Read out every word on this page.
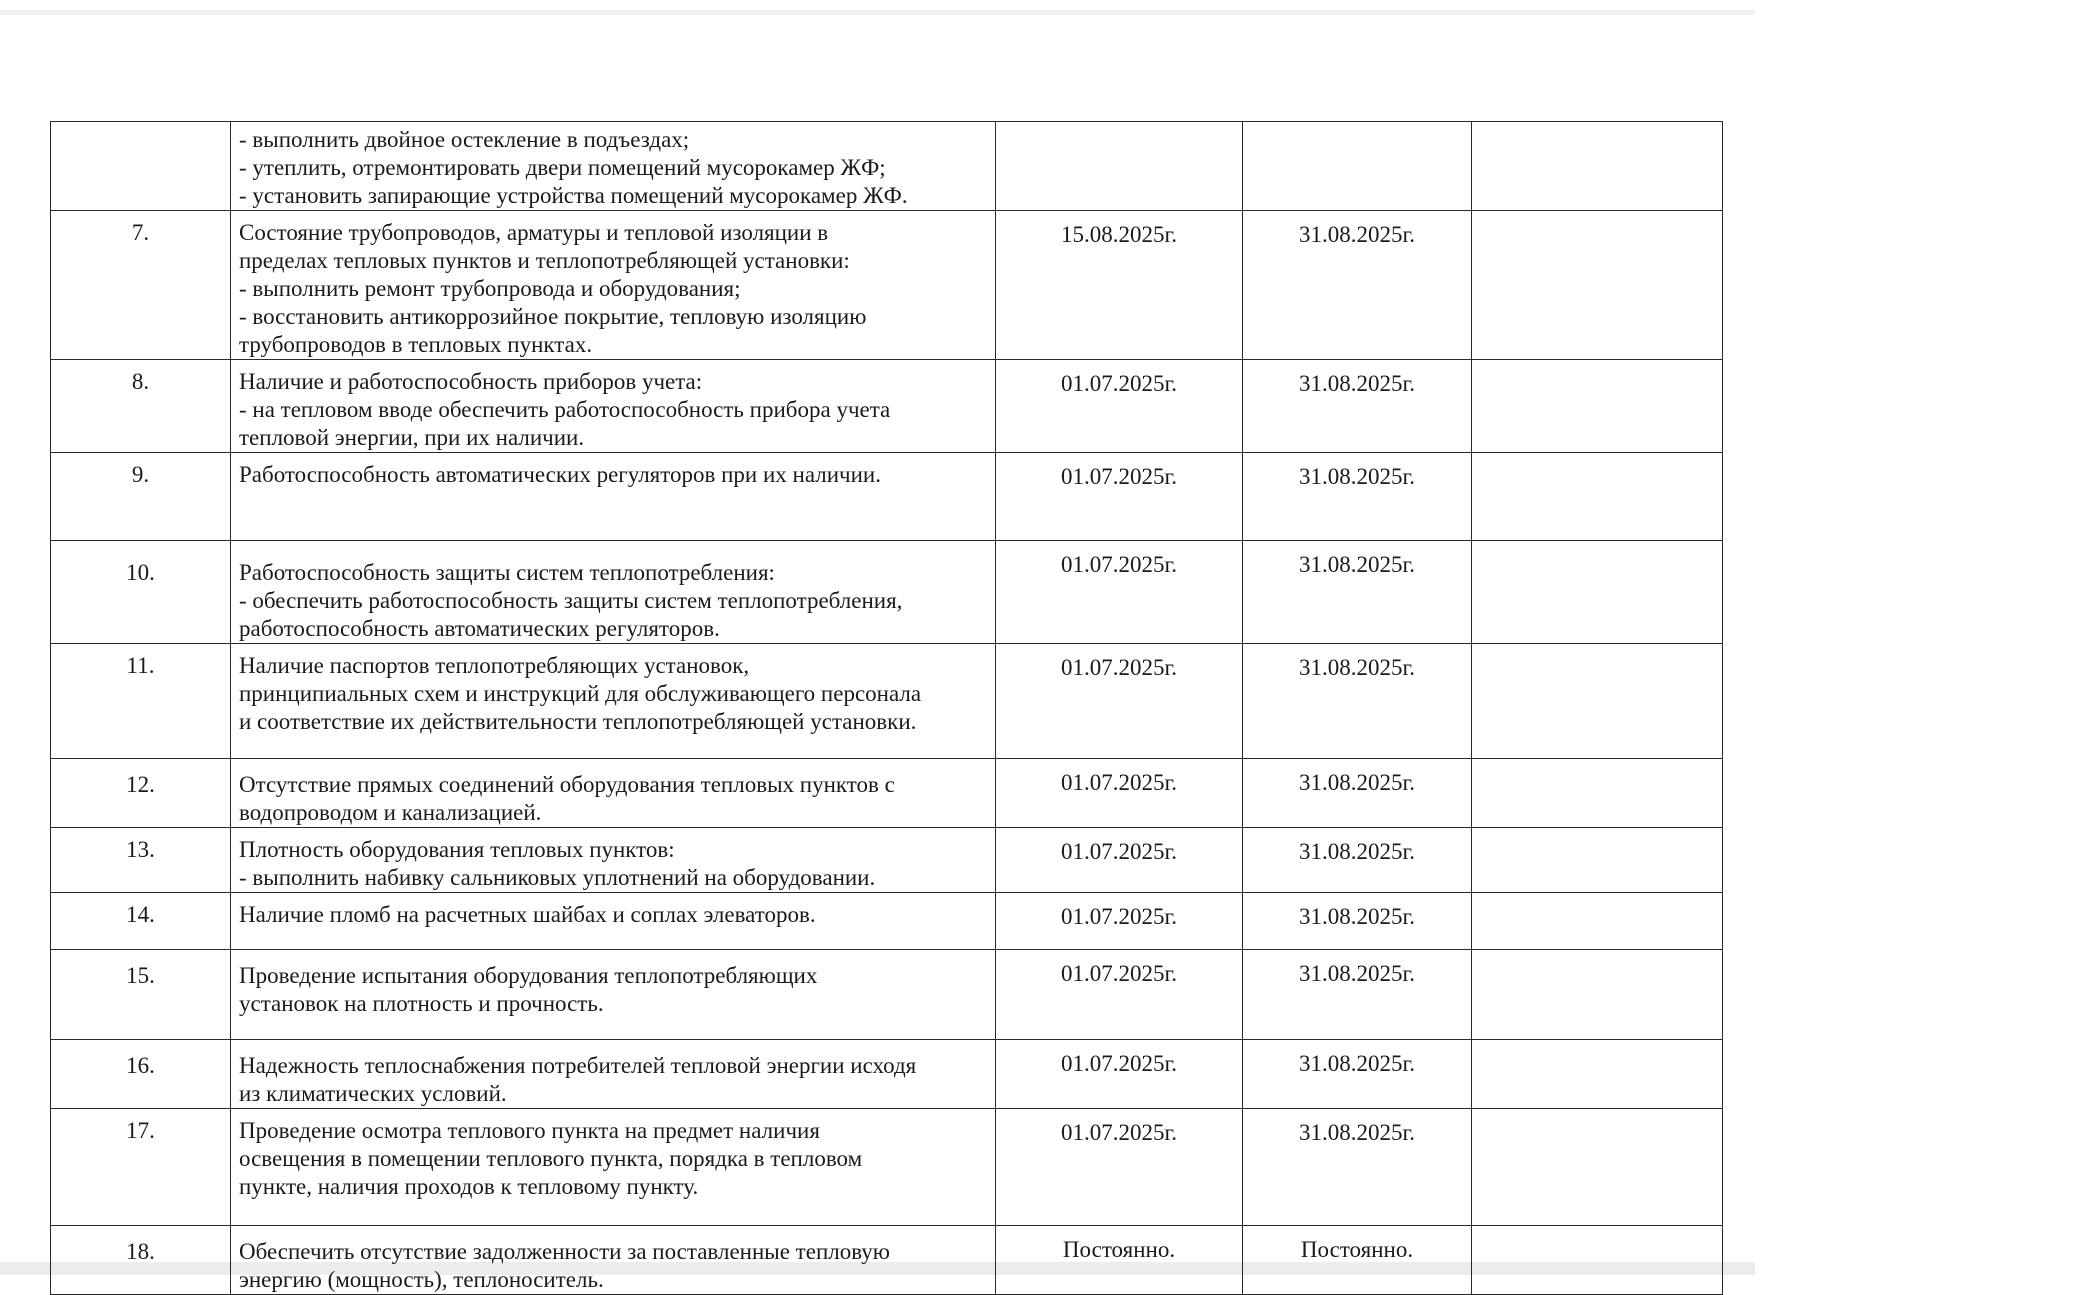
	- выполнить двойное остекление в подъездах;
- утеплить, отремонтировать двери помещений мусорокамер ЖФ;
- установить запирающие устройства помещений мусорокамер ЖФ.			

7.	Состояние трубопроводов, арматуры и тепловой изоляции в
пределах тепловых пунктов и теплопотребляющей установки:
- выполнить ремонт трубопровода и оборудования;
- восстановить антикоррозийное покрытие, тепловую изоляцию
трубопроводов в тепловых пунктах.	15.08.2025г.	31.08.2025г.	
8.	Наличие и работоспособность приборов учета:
- на тепловом вводе обеспечить работоспособность прибора учета
тепловой энергии, при их наличии.	01.07.2025г.	31.08.2025г.	
9.	Работоспособность автоматических регуляторов при их наличии.	01.07.2025г.	31.08.2025г.	
10.	Работоспособность защиты систем теплопотребления:
- обеспечить работоспособность защиты систем теплопотребления,
работоспособность автоматических регуляторов.	01.07.2025г.	31.08.2025г.	
11.	Наличие паспортов теплопотребляющих установок,
принципиальных схем и инструкций для обслуживающего персонала
и соответствие их действительности теплопотребляющей установки.	01.07.2025г.	31.08.2025г.	
12.	Отсутствие прямых соединений оборудования тепловых пунктов с
водопроводом и канализацией.	01.07.2025г.	31.08.2025г.	
13.	Плотность оборудования тепловых пунктов:
- выполнить набивку сальниковых уплотнений на оборудовании.	01.07.2025г.	31.08.2025г.	
14.	Наличие пломб на расчетных шайбах и соплах элеваторов.	01.07.2025г.	31.08.2025г.	
15.	Проведение испытания оборудования теплопотребляющих
установок на плотность и прочность.	01.07.2025г.	31.08.2025г.	
16.	Надежность теплоснабжения потребителей тепловой энергии исходя
из климатических условий.	01.07.2025г.	31.08.2025г.	
17.	Проведение осмотра теплового пункта на предмет наличия
освещения в помещении теплового пункта, порядка в тепловом
пункте, наличия проходов к тепловому пункту.	01.07.2025г.	31.08.2025г.	
18.	Обеспечить отсутствие задолженности за поставленные тепловую
энергию (мощность), теплоноситель.	Постоянно.	Постоянно.	
